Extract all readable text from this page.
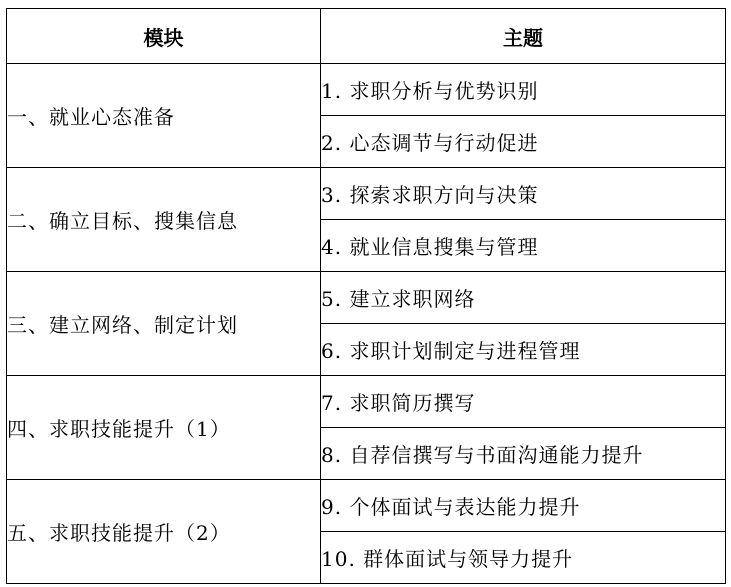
模块	主题
一、就业心态准备	1. 求职分析与优势识别
	2. 心态调节与行动促进
二、确立目标、搜集信息	3. 探索求职方向与决策
	4. 就业信息搜集与管理
三、建立网络、制定计划	5. 建立求职网络
	6. 求职计划制定与进程管理
四、求职技能提升（1）	7. 求职简历撰写
	8. 自荐信撰写与书面沟通能力提升
五、求职技能提升（2）	9. 个体面试与表达能力提升
	10. 群体面试与领导力提升
